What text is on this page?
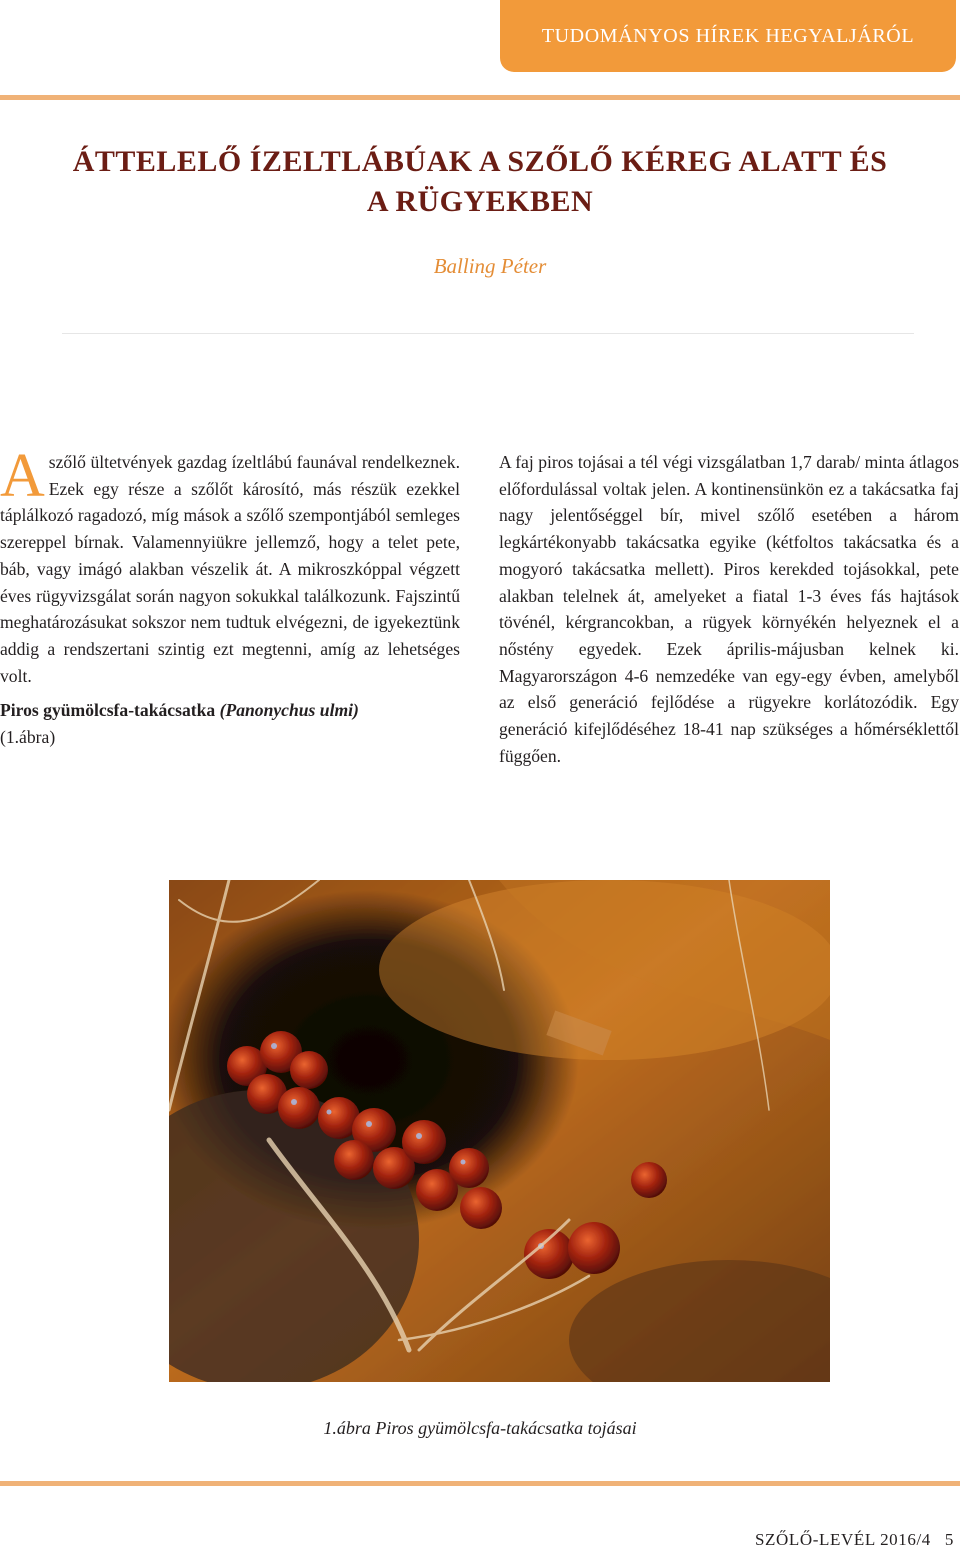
TUDOMÁNYOS HÍREK HEGYALJÁRÓL
ÁTTELELŐ ÍZELTLÁBÚAK A SZŐLŐ KÉREG ALATT ÉS
A RÜGYEKBEN
Balling Péter

A szőlő ültetvények gazdag ízeltlábú faunával rendelkeznek. Ezek egy része a szőlőt károsító, más részük ezekkel táplálkozó ragadozó, míg mások a szőlő szempontjából semleges szereppel bírnak. Valamennyiükre jellemző, hogy a telet pete, báb, vagy imágó alakban vészelik át. A mikroszkóppal végzett éves rügyvizsgálat során nagyon sokukkal találkozunk. Fajszintű meghatározásukat sokszor nem tudtuk elvégezni, de igyekeztünk addig a rendszertani szintig ezt megtenni, amíg az lehetséges volt.

Piros gyümölcsfa-takácsatka (Panonychus ulmi)

(1.ábra)

A faj piros tojásai a tél végi vizsgálatban 1,7 darab/ minta átlagos előfordulással voltak jelen. A kontinensünkön ez a takácsatka faj nagy jelentőséggel bír, mivel szőlő esetében a három legkártékonyabb takácsatka egyike (kétfoltos takácsatka és a mogyoró takácsatka mellett). Piros kerekded tojásokkal, pete alakban telelnek át, amelyeket a fiatal 1-3 éves fás hajtások tövénél, kérgrancokban, a rügyek környékén helyeznek el a nőstény egyedek. Ezek április-májusban kelnek ki. Magyarországon 4-6 nemzedéke van egy-egy évben, amelyből az első generáció fejlődése a rügyekre korlátozódik. Egy generáció kifejlődéséhez 18-41 nap szükséges a hőmérséklettől függően.

1.ábra Piros gyümölcsfa-takácsatka tojásai
SZŐLŐ-LEVÉL 2016/4 5
